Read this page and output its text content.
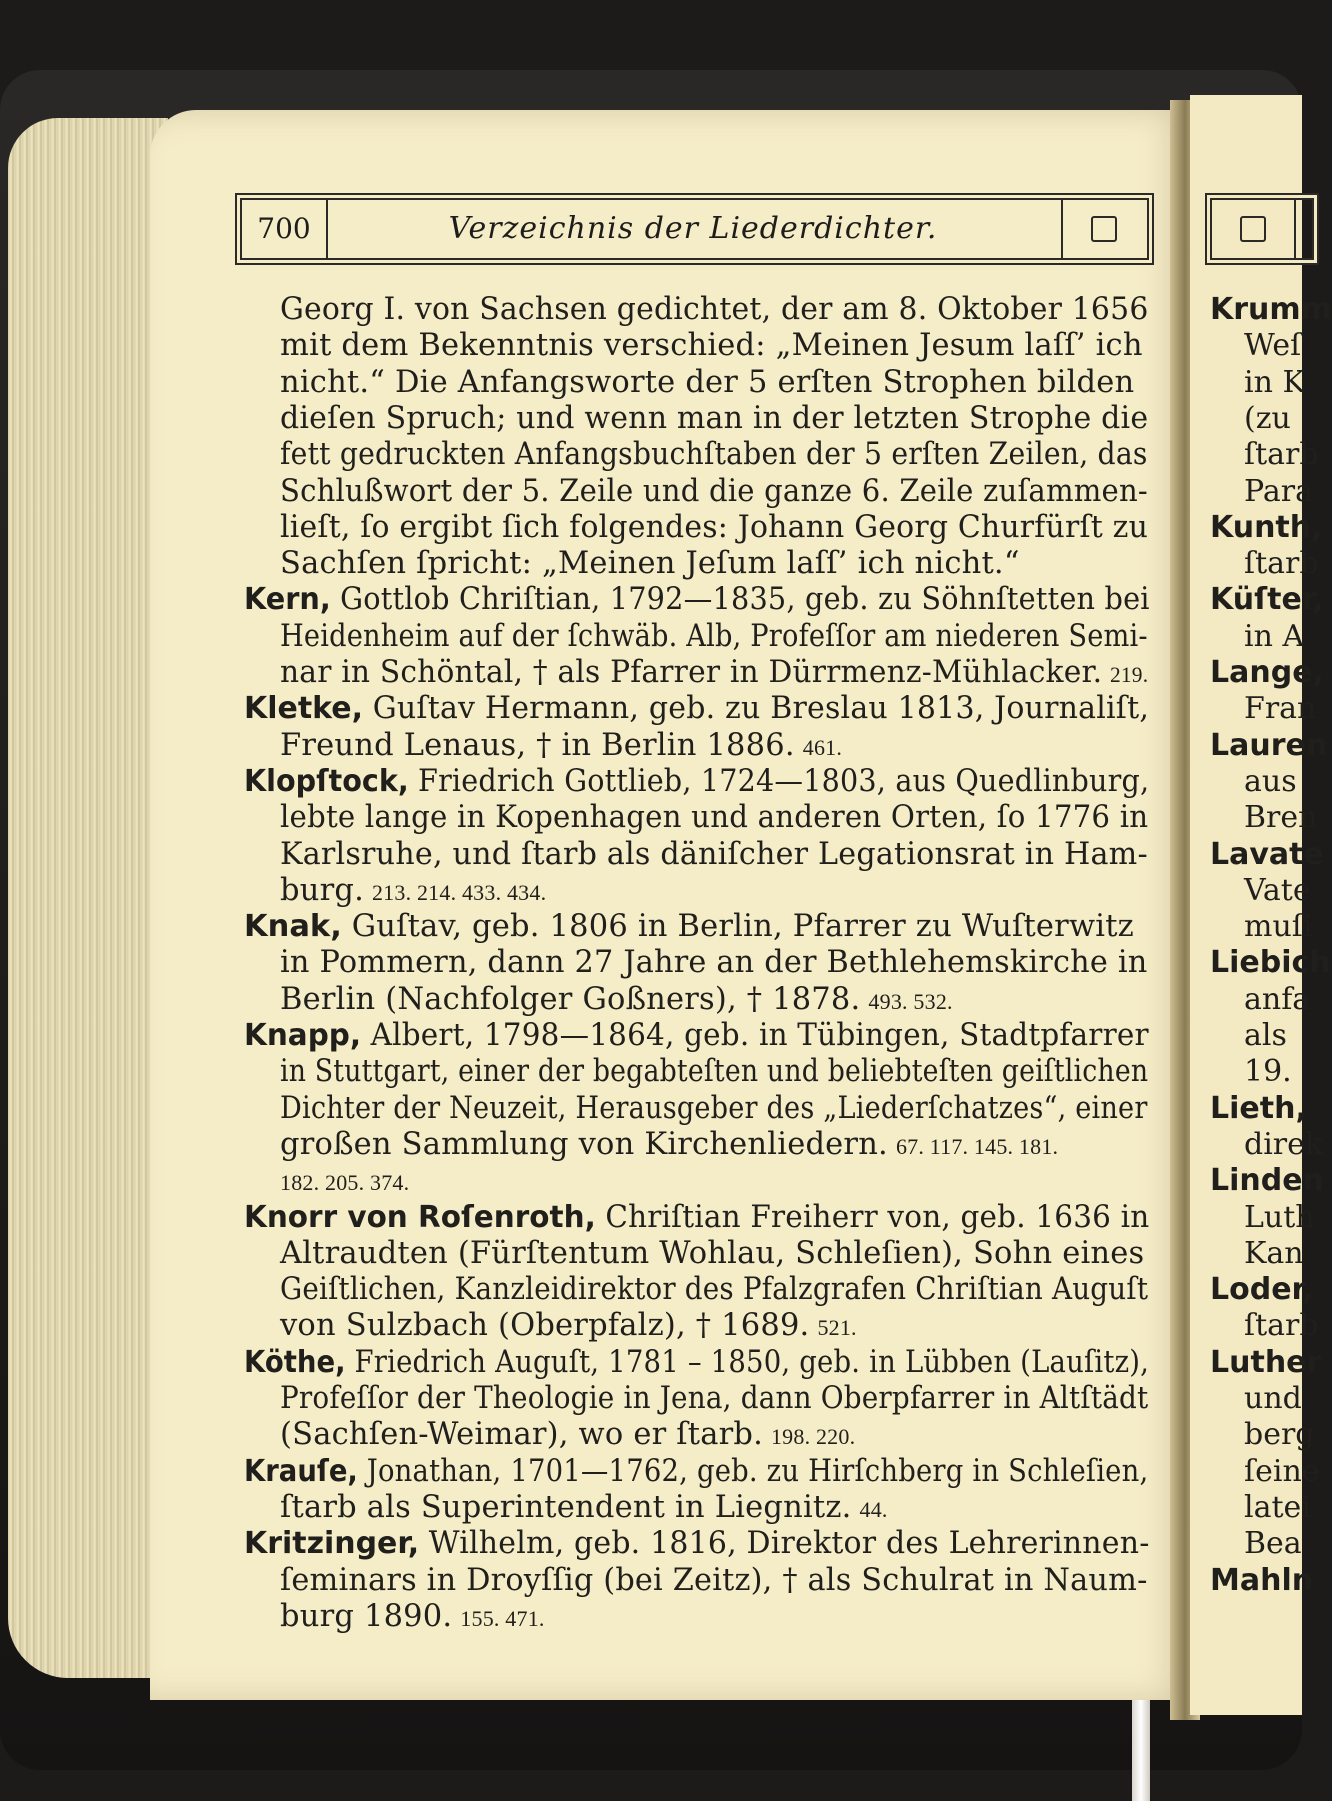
700	Verzeichnis der Liederdichter.
Georg I. von Sachsen gedichtet, der am 8. Oktober 1656
mit dem Bekenntnis verschied: „Meinen Jesum laſſ’ ich
nicht.“ Die Anfangsworte der 5 erſten Strophen bilden
dieſen Spruch; und wenn man in der letzten Strophe die
fett gedruckten Anfangsbuchſtaben der 5 erſten Zeilen, das
Schlußwort der 5. Zeile und die ganze 6. Zeile zuſammen-
lieſt, ſo ergibt ſich folgendes: Johann Georg Churfürſt zu
Sachſen ſpricht: „Meinen Jeſum laſſ’ ich nicht.“
Kern, Gottlob Chriſtian, 1792—1835, geb. zu Söhnſtetten bei
Heidenheim auf der ſchwäb. Alb, Profeſſor am niederen Semi-
nar in Schöntal, † als Pfarrer in Dürrmenz-Mühlacker. 219.
Kletke, Guſtav Hermann, geb. zu Breslau 1813, Journaliſt,
Freund Lenaus, † in Berlin 1886. 461.
Klopſtock, Friedrich Gottlieb, 1724—1803, aus Quedlinburg,
lebte lange in Kopenhagen und anderen Orten, ſo 1776 in
Karlsruhe, und ſtarb als däniſcher Legationsrat in Ham-
burg. 213. 214. 433. 434.
Knak, Guſtav, geb. 1806 in Berlin, Pfarrer zu Wuſterwitz
in Pommern, dann 27 Jahre an der Bethlehemskirche in
Berlin (Nachfolger Goßners), † 1878. 493. 532.
Knapp, Albert, 1798—1864, geb. in Tübingen, Stadtpfarrer
in Stuttgart, einer der begabteſten und beliebteſten geiſtlichen
Dichter der Neuzeit, Herausgeber des „Liederſchatzes“, einer
großen Sammlung von Kirchenliedern. 67. 117. 145. 181.
182. 205. 374.
Knorr von Roſenroth, Chriſtian Freiherr von, geb. 1636 in
Altraudten (Fürſtentum Wohlau, Schleſien), Sohn eines
Geiſtlichen, Kanzleidirektor des Pfalzgrafen Chriſtian Auguſt
von Sulzbach (Oberpfalz), † 1689. 521.
Köthe, Friedrich Auguſt, 1781 – 1850, geb. in Lübben (Lauſitz),
Profeſſor der Theologie in Jena, dann Oberpfarrer in Altſtädt
(Sachſen-Weimar), wo er ſtarb. 198. 220.
Krauſe, Jonathan, 1701—1762, geb. zu Hirſchberg in Schleſien,
ſtarb als Superintendent in Liegnitz. 44.
Kritzinger, Wilhelm, geb. 1816, Direktor des Lehrerinnen-
ſeminars in Droyſſig (bei Zeitz), † als Schulrat in Naum-
burg 1890. 155. 471.
Krumm
Weſ
in K
(zu
ſtarb
Para
Kunth,
ſtarb
Küſter,
in A
Lange,
Fran
Lauren
aus
Bren
Lavate
Vate
muſi
Liebich
anfa
als
19.
Lieth,
direk
Linden
Luth
Kan
Loder,
ſtarb
Luther
und
berg
ſeine
latei
Bea
Mahln
